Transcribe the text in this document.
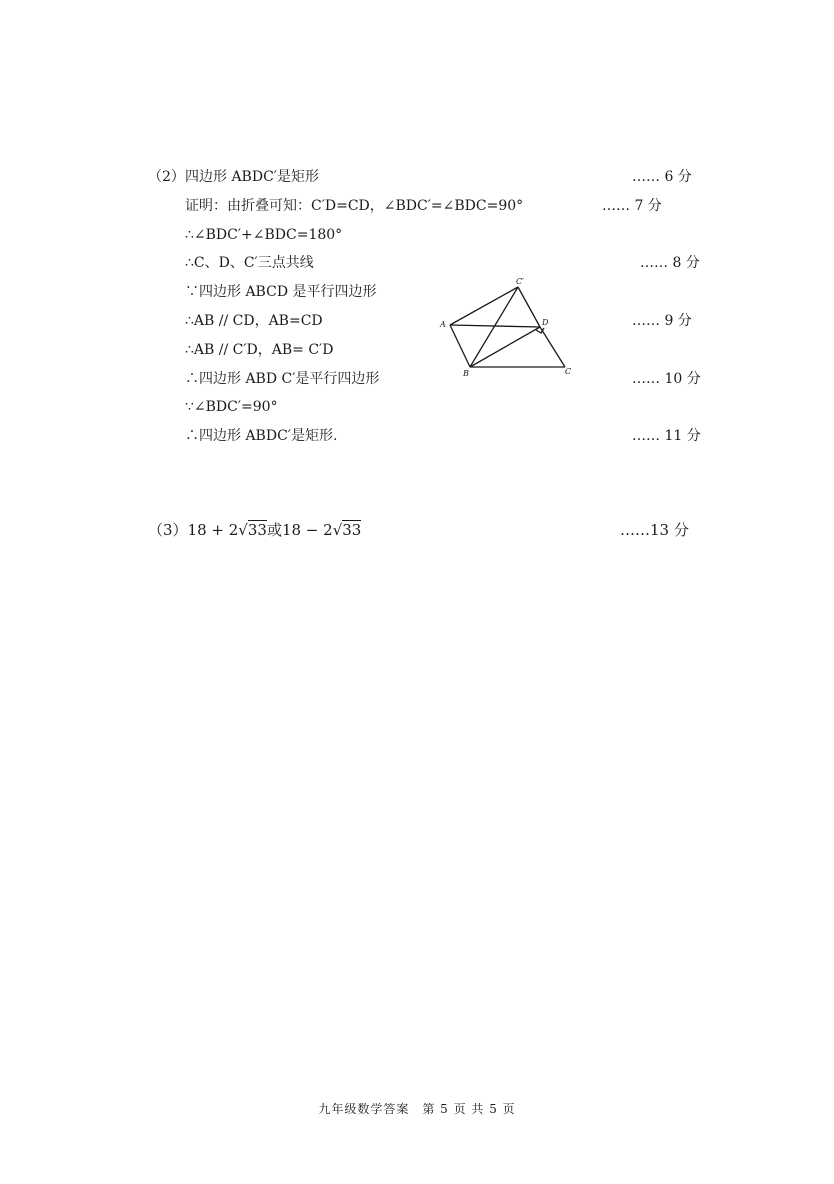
（2） 四边形 ABDC′是矩形	…… 6 分
证明：由折叠可知：C′D=CD，∠BDC′=∠BDC=90°	…… 7 分
∴∠BDC′+∠BDC=180°
∴C、D、C′三点共线	…… 8 分
∵四边形 ABCD 是平行四边形
∴AB // CD，AB=CD	…… 9 分
∴AB // C′D，AB= C′D
∴四边形 ABD C′是平行四边形	…… 10 分
∵∠BDC′=90°
∴四边形 ABDC′是矩形.	…… 11 分
A
B	C
D
C′
（3）18 + 2√33或18 − 2√33	……13 分
九年级数学答案　第 5 页 共 5 页
